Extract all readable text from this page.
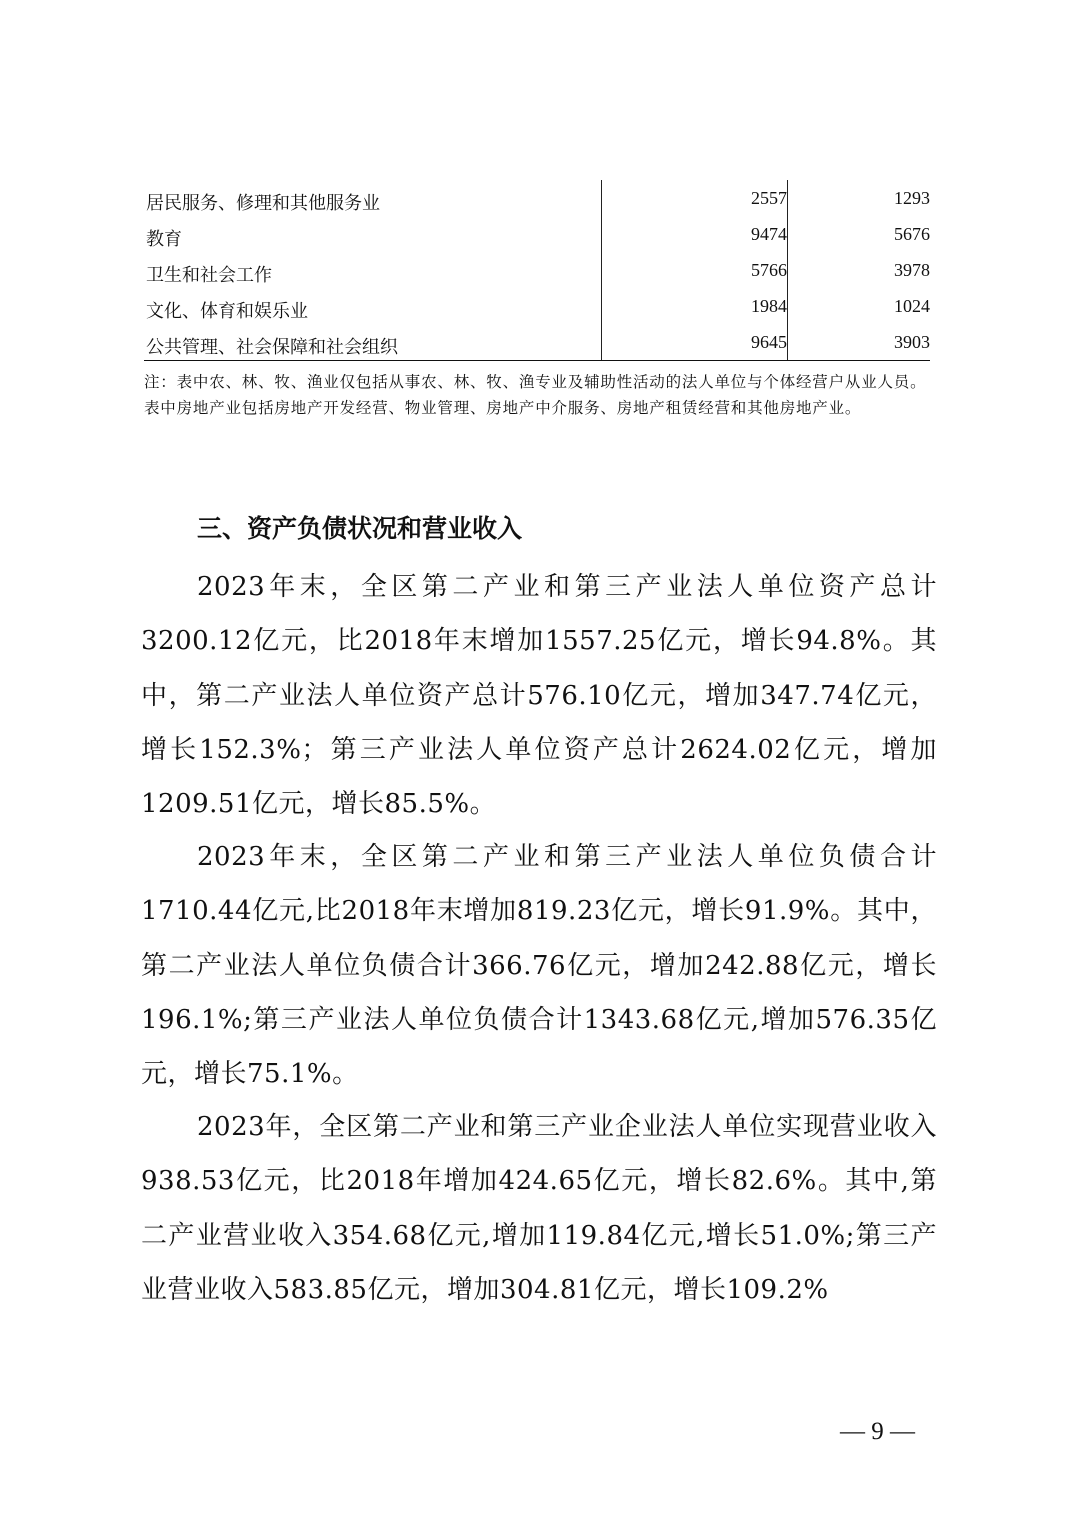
居民服务、修理和其他服务业	2557	1293
教育	9474	5676
卫生和社会工作	5766	3978
文化、体育和娱乐业	1984	1024
公共管理、社会保障和社会组织	9645	3903

注：表中农、林、牧、渔业仅包括从事农、林、牧、渔专业及辅助性活动的法人单位与个体经营户从业人员。表中房地产业包括房地产开发经营、物业管理、房地产中介服务、房地产租赁经营和其他房地产业。

三、资产负债状况和营业收入

2023年末，全区第二产业和第三产业法人单位资产总计3200.12亿元，比2018年末增加1557.25亿元，增长94.8%。其中，第二产业法人单位资产总计576.10亿元，增加347.74亿元，增长152.3%；第三产业法人单位资产总计2624.02亿元，增加1209.51亿元，增长85.5%。

2023年末，全区第二产业和第三产业法人单位负债合计1710.44亿元,比2018年末增加819.23亿元，增长91.9%。其中，第二产业法人单位负债合计366.76亿元，增加242.88亿元，增长196.1%;第三产业法人单位负债合计1343.68亿元,增加576.35亿元，增长75.1%。

2023年，全区第二产业和第三产业企业法人单位实现营业收入938.53亿元，比2018年增加424.65亿元，增长82.6%。其中,第二产业营业收入354.68亿元,增加119.84亿元,增长51.0%;第三产业营业收入583.85亿元，增加304.81亿元，增长109.2%

— 9 —
